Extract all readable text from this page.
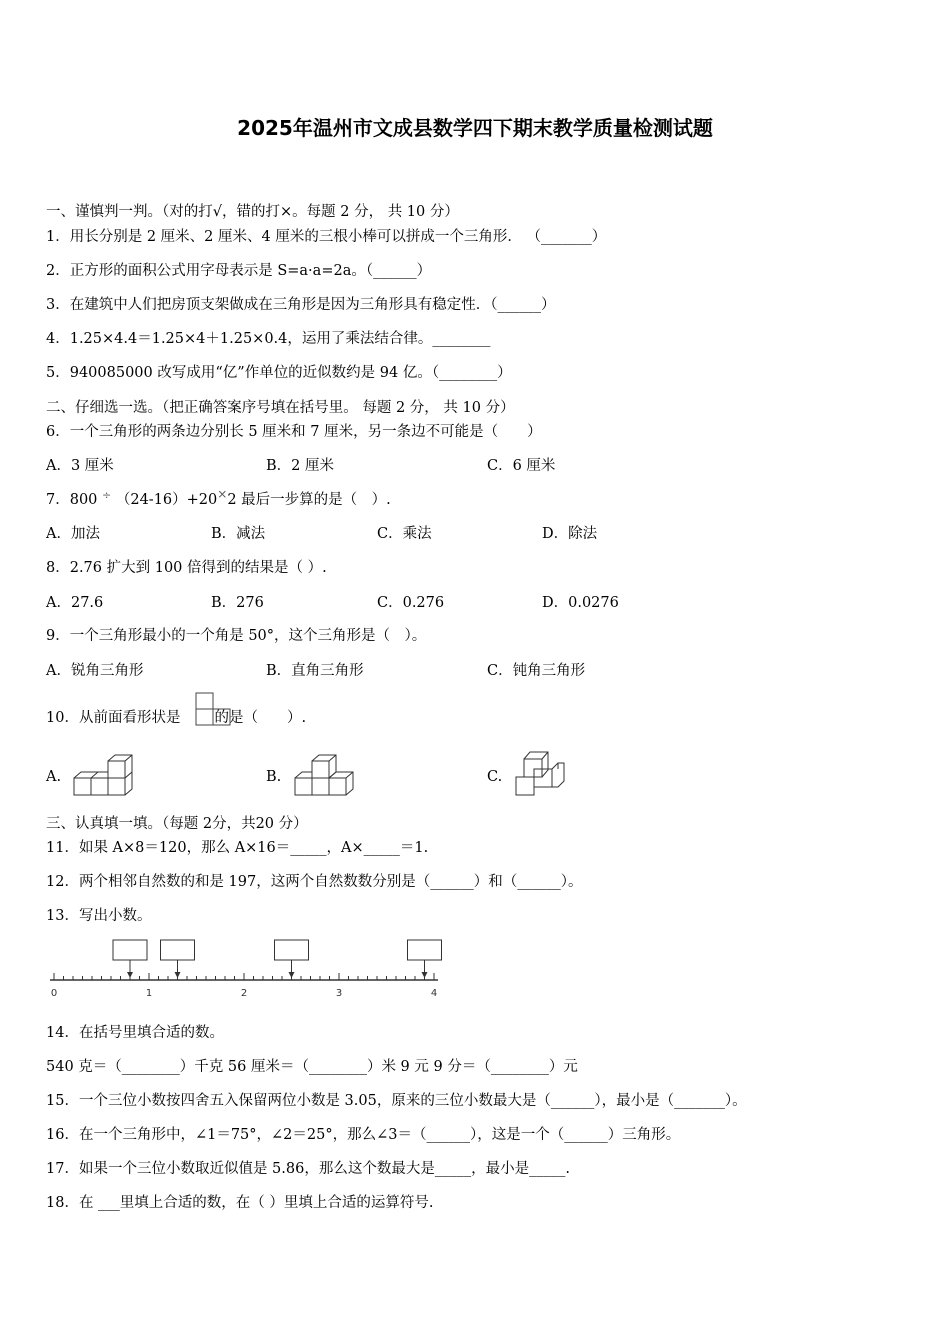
2025年温州市文成县数学四下期末教学质量检测试题
一、谨慎判一判。（对的打√，错的打×。每题 2 分， 共 10 分）
1．用长分别是 2 厘米、2 厘米、4 厘米的三根小棒可以拼成一个三角形． （_______）
2．正方形的面积公式用字母表示是 S=a·a=2a。（______）
3．在建筑中人们把房顶支架做成在三角形是因为三角形具有稳定性．（______）
4．1.25×4.4＝1.25×4＋1.25×0.4，运用了乘法结合律。________
5．940085000 改写成用“亿”作单位的近似数约是 94 亿。（________）
二、仔细选一选。（把正确答案序号填在括号里。 每题 2 分， 共 10 分）
6．一个三角形的两条边分别长 5 厘米和 7 厘米，另一条边不可能是（　　）
A．3 厘米	B．2 厘米	C．6 厘米
7．800 ÷ （24-16）+20×2 最后一步算的是（　）.
A．加法	B．减法	C．乘法	D．除法
8．2.76 扩大到 100 倍得到的结果是（ ）.
A．27.6	B．276	C．0.276	D．0.0276
9．一个三角形最小的一个角是 50°，这个三角形是（　）。
A．锐角三角形	B．直角三角形	C．钝角三角形
10．从前面看形状是 的是（　　）.
A.	B.	C.
三、认真填一填。（每题 2分，共20 分）
11．如果 A×8＝120，那么 A×16＝_____，A×_____＝1.
12．两个相邻自然数的和是 197，这两个自然数数分别是（______）和（______）。
13．写出小数。
0	1	2	3	4
14．在括号里填合适的数。
540 克＝（________）千克 56 厘米＝（________）米 9 元 9 分＝（________）元
15．一个三位小数按四舍五入保留两位小数是 3.05，原来的三位小数最大是（______），最小是（_______）。
16．在一个三角形中，∠1＝75°，∠2＝25°，那么∠3＝（______），这是一个（______）三角形。
17．如果一个三位小数取近似值是 5.86，那么这个数最大是_____，最小是_____.
18．在 ___里填上合适的数，在（ ）里填上合适的运算符号.
